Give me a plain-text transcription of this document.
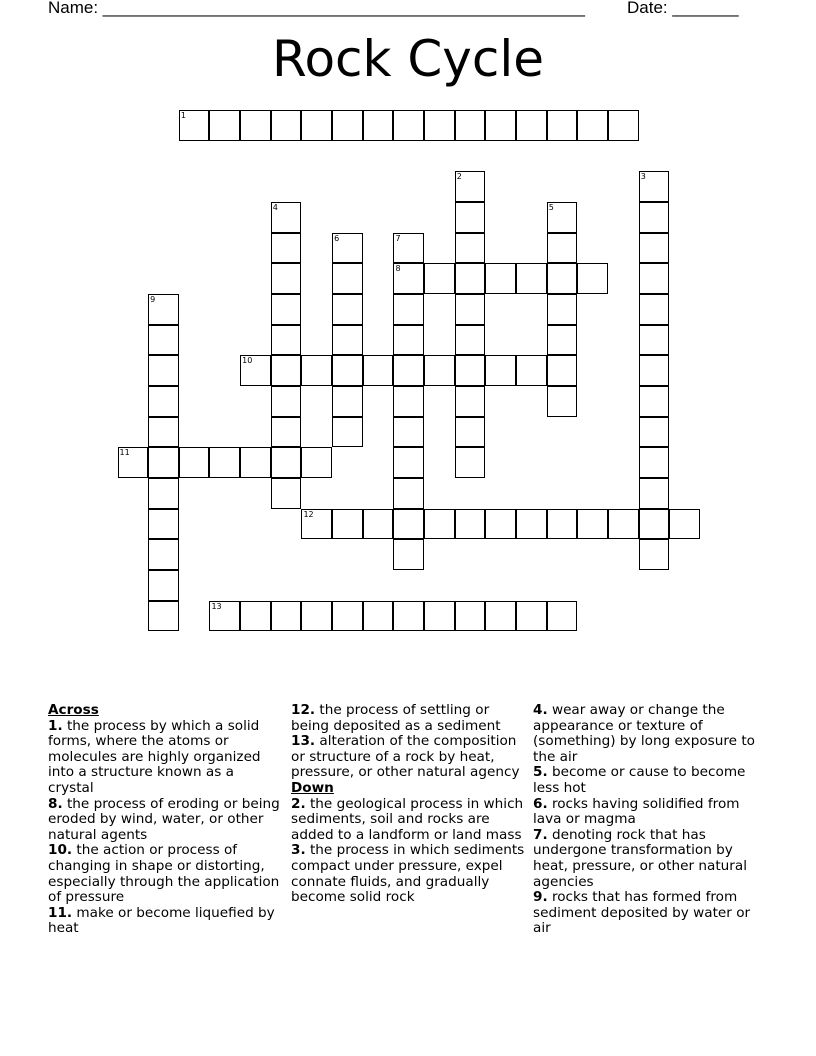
Name: ___________________________________________________ Date: _______
Rock Cycle
1
2	3
4	5
6	7
8
9
10
11
12
13
Across
1. the process by which a solid forms, where the atoms or molecules are highly organized into a structure known as a crystal
8. the process of eroding or being eroded by wind, water, or other natural agents
10. the action or process of changing in shape or distorting, especially through the application of pressure
11. make or become liquefied by heat
12. the process of settling or being deposited as a sediment
13. alteration of the composition or structure of a rock by heat, pressure, or other natural agency
Down
2. the geological process in which sediments, soil and rocks are added to a landform or land mass
3. the process in which sediments compact under pressure, expel connate fluids, and gradually become solid rock
4. wear away or change the appearance or texture of (something) by long exposure to the air
5. become or cause to become less hot
6. rocks having solidified from lava or magma
7. denoting rock that has undergone transformation by heat, pressure, or other natural agencies
9. rocks that has formed from sediment deposited by water or air
